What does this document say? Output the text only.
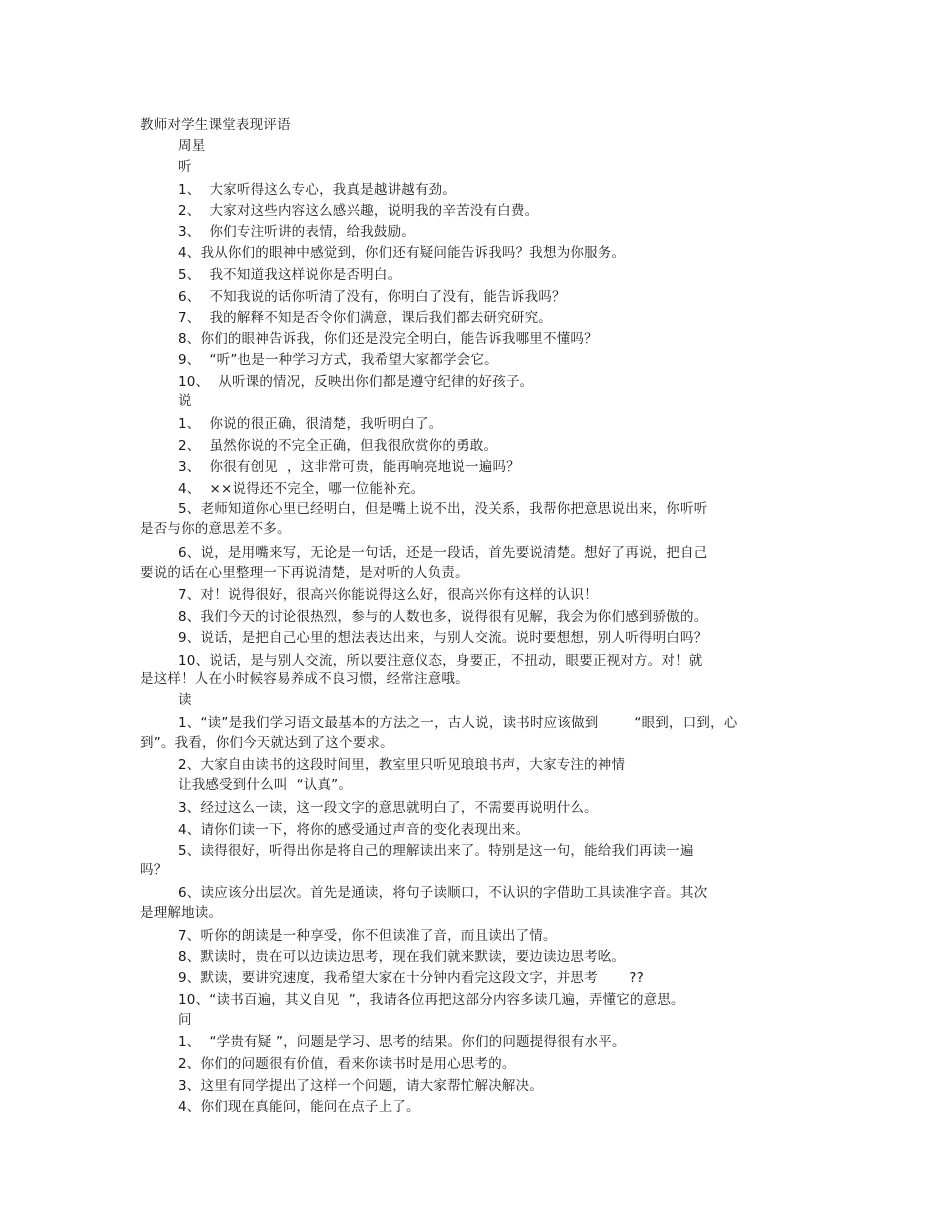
教师对学生课堂表现评语
周星
听
1、  大家听得这么专心，我真是越讲越有劲。
2、  大家对这些内容这么感兴趣，说明我的辛苦没有白费。
3、  你们专注听讲的表情，给我鼓励。
4、我从你们的眼神中感觉到，你们还有疑问能告诉我吗？我想为你服务。
5、  我不知道我这样说你是否明白。
6、  不知我说的话你听清了没有，你明白了没有，能告诉我吗？
7、  我的解释不知是否令你们满意，课后我们都去研究研究。
8、你们的眼神告诉我，你们还是没完全明白，能告诉我哪里不懂吗？
9、  “听”也是一种学习方式，我希望大家都学会它。
10、  从听课的情况，反映出你们都是遵守纪律的好孩子。
说
1、  你说的很正确，很清楚，我听明白了。
2、  虽然你说的不完全正确，但我很欣赏你的勇敢。
3、  你很有创见  ，这非常可贵，能再响亮地说一遍吗？
4、  ××说得还不完全，哪一位能补充。
5、老师知道你心里已经明白，但是嘴上说不出，没关系，我帮你把意思说出来，你听听
是否与你的意思差不多。
6、说，是用嘴来写，无论是一句话，还是一段话，首先要说清楚。想好了再说，把自己
要说的话在心里整理一下再说清楚，是对听的人负责。
7、对！说得很好，很高兴你能说得这么好，很高兴你有这样的认识！
8、我们今天的讨论很热烈，参与的人数也多，说得很有见解，我会为你们感到骄傲的。
9、说话，是把自己心里的想法表达出来，与别人交流。说时要想想，别人听得明白吗？
10、说话，是与别人交流，所以要注意仪态，身要正，不扭动，眼要正视对方。对！就
是这样！人在小时候容易养成不良习惯，经常注意哦。
读
1、“读”是我们学习语文最基本的方法之一，古人说，读书时应该做到        “眼到，口到，心
到”。我看，你们今天就达到了这个要求。
2、大家自由读书的这段时间里，教室里只听见琅琅书声，大家专注的神情
让我感受到什么叫  “认真”。
3、经过这么一读，这一段文字的意思就明白了，不需要再说明什么。
4、请你们读一下，将你的感受通过声音的变化表现出来。
5、读得很好，听得出你是将自己的理解读出来了。特别是这一句，能给我们再读一遍
吗？
6、读应该分出层次。首先是通读，将句子读顺口，不认识的字借助工具读准字音。其次
是理解地读。
7、听你的朗读是一种享受，你不但读准了音，而且读出了情。
8、默读时，贵在可以边读边思考，现在我们就来默读，要边读边思考吆。
9、默读，要讲究速度，我希望大家在十分钟内看完这段文字，并思考       ??
10、“读书百遍，其义自见  ”，我请各位再把这部分内容多读几遍，弄懂它的意思。
问
1、  “学贵有疑 ”，问题是学习、思考的结果。你们的问题提得很有水平。
2、你们的问题很有价值，看来你读书时是用心思考的。
3、这里有同学提出了这样一个问题，请大家帮忙解决解决。
4、你们现在真能问，能问在点子上了。
